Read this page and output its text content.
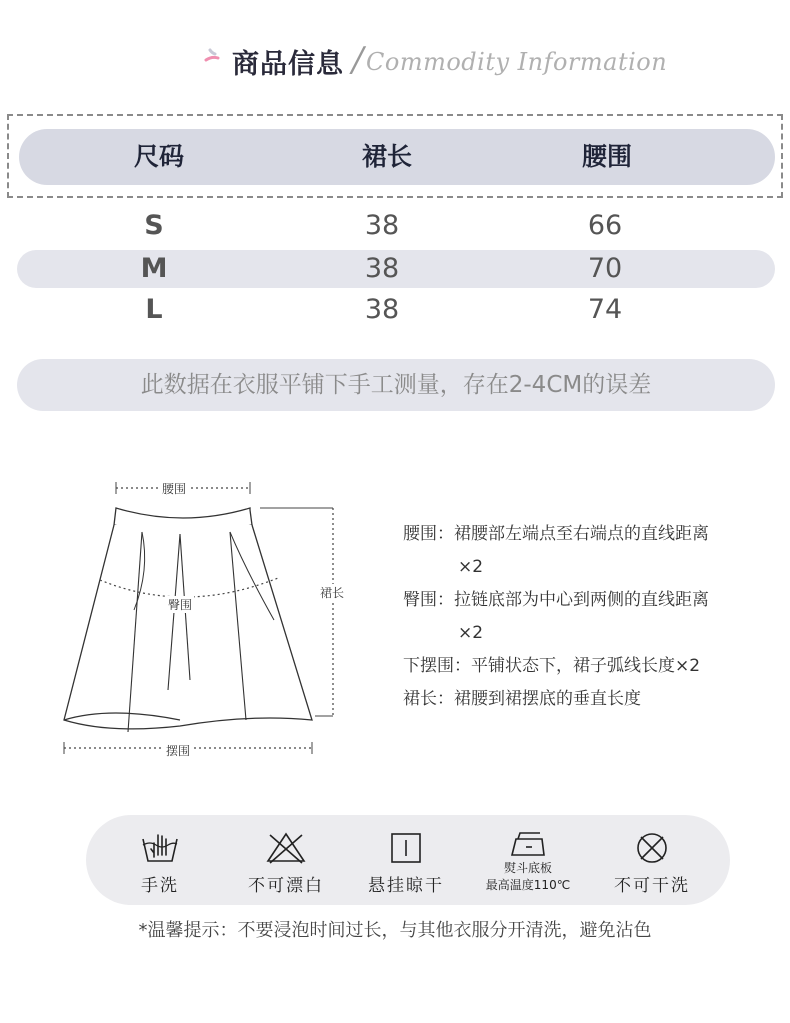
商品信息 / Commodity Information
尺码	裙长	腰围
S	38	66
M	38	70
L	38	74
此数据在衣服平铺下手工测量，存在2-4CM的误差
腰围
臀围
裙长
摆围
腰围：裙腰部左端点至右端点的直线距离
×2
臀围：拉链底部为中心到两侧的直线距离
×2
下摆围：平铺状态下，裙子弧线长度×2
裙长：裙腰到裙摆底的垂直长度
手洗	不可漂白	悬挂晾干
熨斗底板
最高温度110℃	不可干洗
*温馨提示：不要浸泡时间过长，与其他衣服分开清洗，避免沾色
